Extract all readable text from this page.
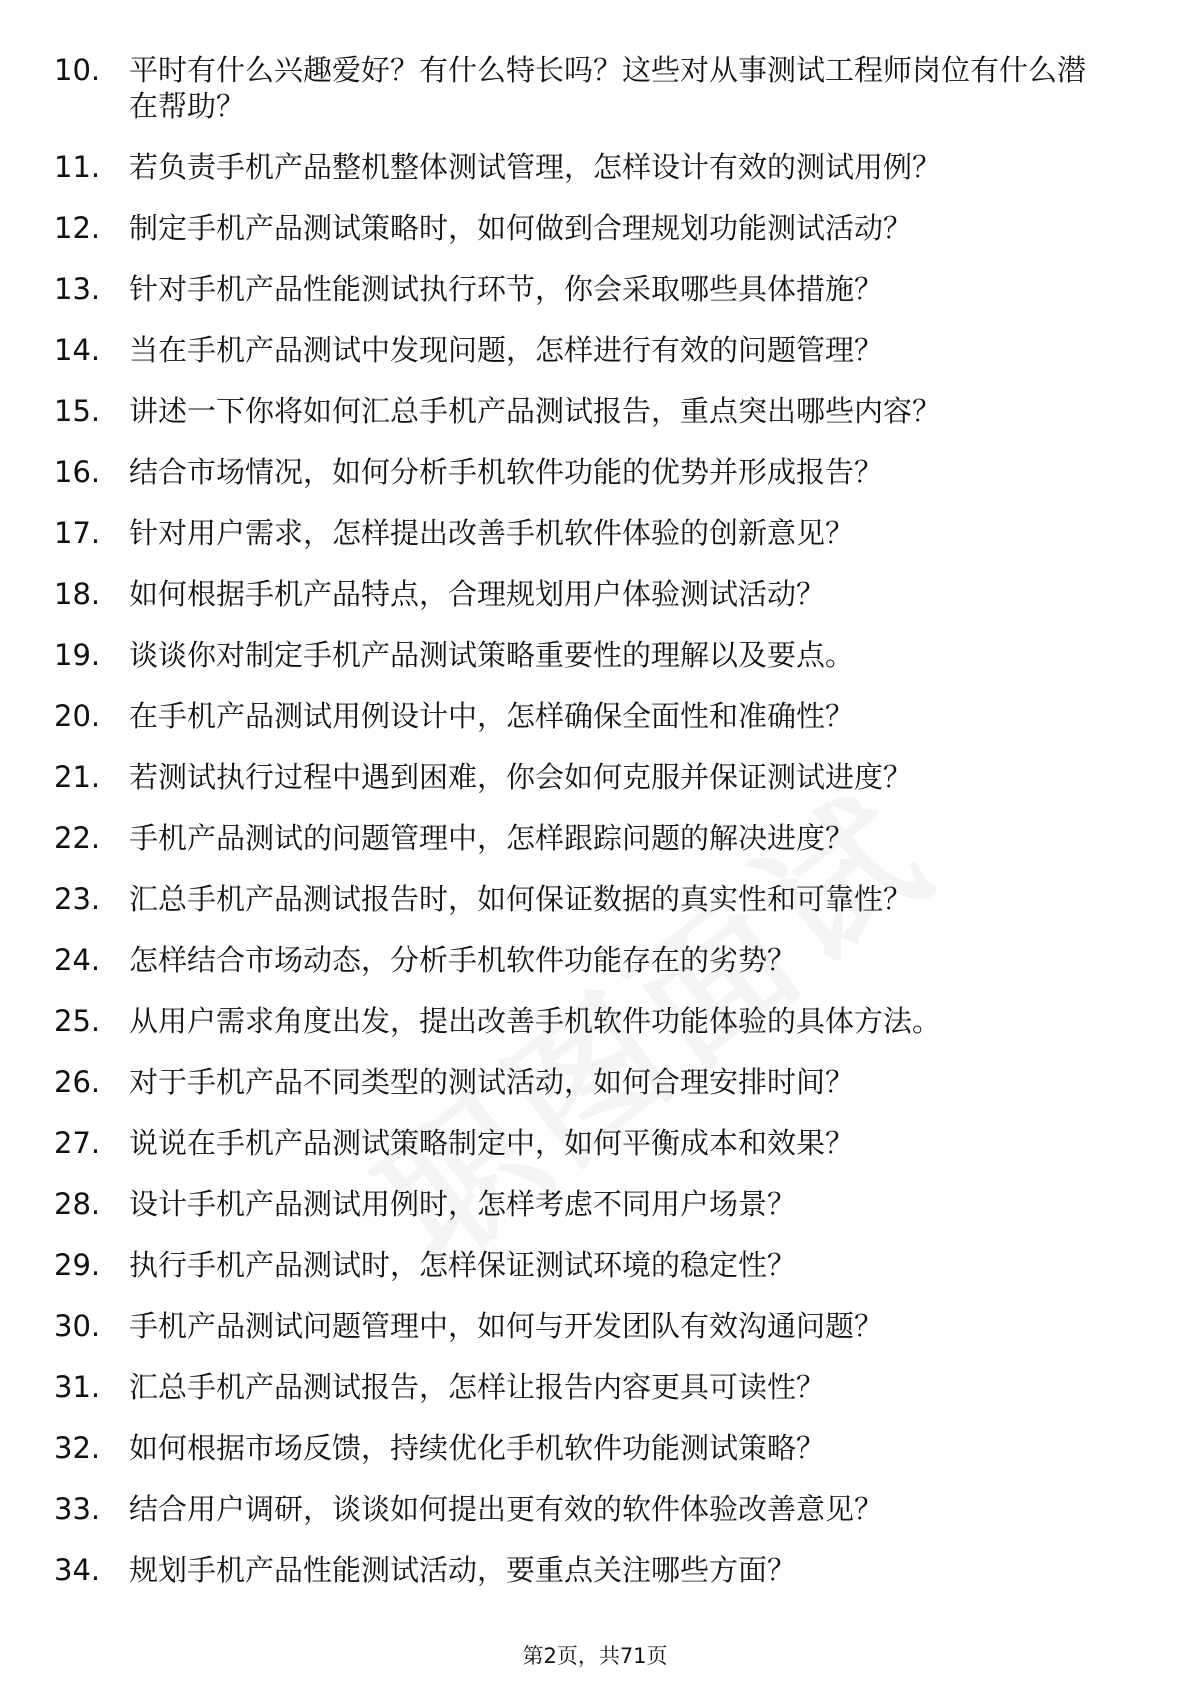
10. 平时有什么兴趣爱好？有什么特长吗？这些对从事测试工程师岗位有什么潜在帮助？
11. 若负责手机产品整机整体测试管理，怎样设计有效的测试用例？
12. 制定手机产品测试策略时，如何做到合理规划功能测试活动？
13. 针对手机产品性能测试执行环节，你会采取哪些具体措施？
14. 当在手机产品测试中发现问题，怎样进行有效的问题管理？
15. 讲述一下你将如何汇总手机产品测试报告，重点突出哪些内容？
16. 结合市场情况，如何分析手机软件功能的优势并形成报告？
17. 针对用户需求，怎样提出改善手机软件体验的创新意见？
18. 如何根据手机产品特点，合理规划用户体验测试活动？
19. 谈谈你对制定手机产品测试策略重要性的理解以及要点。
20. 在手机产品测试用例设计中，怎样确保全面性和准确性？
21. 若测试执行过程中遇到困难，你会如何克服并保证测试进度？
22. 手机产品测试的问题管理中，怎样跟踪问题的解决进度？
23. 汇总手机产品测试报告时，如何保证数据的真实性和可靠性？
24. 怎样结合市场动态，分析手机软件功能存在的劣势？
25. 从用户需求角度出发，提出改善手机软件功能体验的具体方法。
26. 对于手机产品不同类型的测试活动，如何合理安排时间？
27. 说说在手机产品测试策略制定中，如何平衡成本和效果？
28. 设计手机产品测试用例时，怎样考虑不同用户场景？
29. 执行手机产品测试时，怎样保证测试环境的稳定性？
30. 手机产品测试问题管理中，如何与开发团队有效沟通问题？
31. 汇总手机产品测试报告，怎样让报告内容更具可读性？
32. 如何根据市场反馈，持续优化手机软件功能测试策略？
33. 结合用户调研，谈谈如何提出更有效的软件体验改善意见？
34. 规划手机产品性能测试活动，要重点关注哪些方面？
第2页，共71页
